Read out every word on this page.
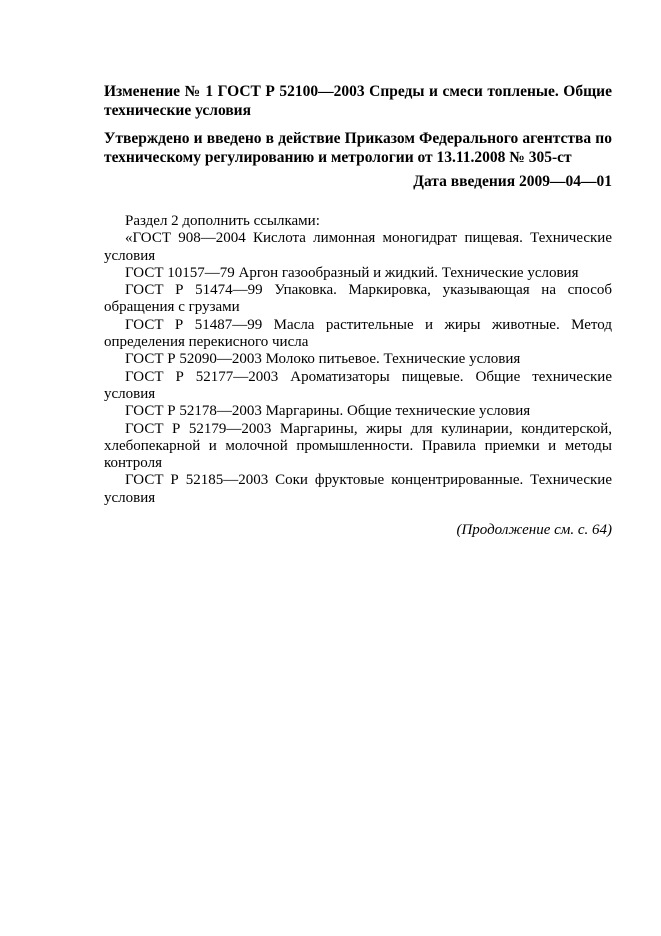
Изменение № 1 ГОСТ Р 52100—2003 Спреды и смеси топленые. Общие технические условия

Утверждено и введено в действие Приказом Федерального агентства по техническому регулированию и метрологии от 13.11.2008 № 305-ст

Дата введения 2009—04—01

Раздел 2 дополнить ссылками:

«ГОСТ 908—2004 Кислота лимонная моногидрат пищевая. Технические условия

ГОСТ 10157—79 Аргон газообразный и жидкий. Технические условия

ГОСТ Р 51474—99 Упаковка. Маркировка, указывающая на способ обращения с грузами

ГОСТ Р 51487—99 Масла растительные и жиры животные. Метод определения перекисного числа

ГОСТ Р 52090—2003 Молоко питьевое. Технические условия

ГОСТ Р 52177—2003 Ароматизаторы пищевые. Общие технические условия

ГОСТ Р 52178—2003 Маргарины. Общие технические условия

ГОСТ Р 52179—2003 Маргарины, жиры для кулинарии, кондитерской, хлебопекарной и молочной промышленности. Правила приемки и методы контроля

ГОСТ Р 52185—2003 Соки фруктовые концентрированные. Технические условия

(Продолжение см. с. 64)
